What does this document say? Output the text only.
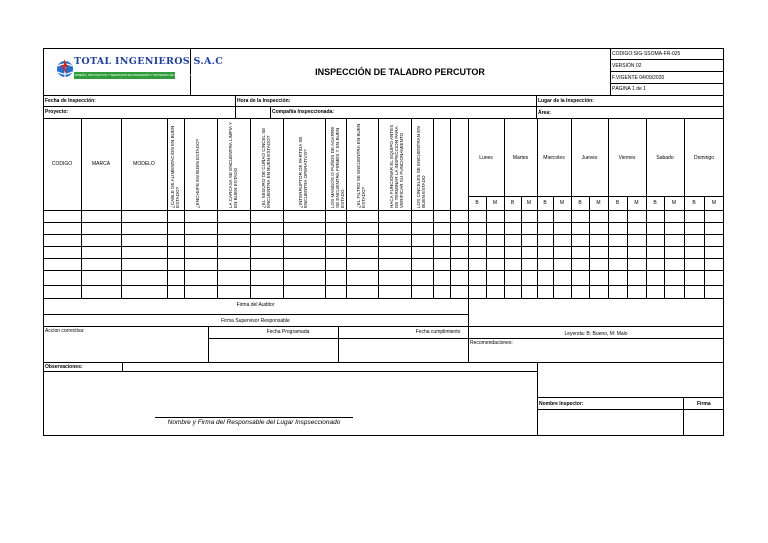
TOTAL INGENIEROS S.A.C
DISEÑO, PROYECTOS Y SERVICIOS EN INGENIERÍA Y SISTEMAS DE REFRIGERACIÓN	INSPECCIÓN DE TALADRO PERCUTOR
CODIGO:SIG-SSOMA-FR-025
VERSIÓN 02
F.VIGENTE 04/09/2020
PÁGINA 1 de 1
Fecha de Inspección:	Hora de la Inspección:	Lugar de la Inspección:
Proyecto:	Compañía Inspeccionada:	Área:
CODIGO	MARCA	MODELO	¿CABLE DE ALIMENTACION EN BUEN ESTADO?	¿ENCHUFE EN BUEN ESTADO?	LA CARCASA SE ENCUENTRA LIMPIA Y EN BUEN ESTADO	¿EL SEGURO DE CUÑAO CINCEL SE ENCUENTRA EN BUEN ESTADO?	¿INTERRUPTOR DE PARTIDA SE ENCUENTRA OPERATIVO?	LOS MANGOS O PUÑOS DE AGARRE SE ENCUENTRA FIRMES Y EN BUEN ESTADO	¿EL FILTRO SE ENCUENTRA EN BUEN ESTADO?	HACA FUNCIONAR EL EQUIPO ANTES DE TERMINAR LA INSPECCION PARA VERIFICAR SU FUNCIONAMIENTO	LOS CINCELES SE ENCUENTRAN EN BUEN ESTADO
Lunes	Martes	Miercoles	Jueves	Viernes	Sabado	Domingo
B	M	B	M	B	M	B	M	B	M	B	M	B	M
Firma del Auditor
Firma Supervisor Responsable
Accion correctiva:	Fecha Programada	Fecha cumplimiento	Leyenda: B: Bueno, M: Malo
Recomendaciones:
Observaciones:
Nombre Inspector:	Firma
Nombre y Firma del Responsable del Lugar Inspseccionado
